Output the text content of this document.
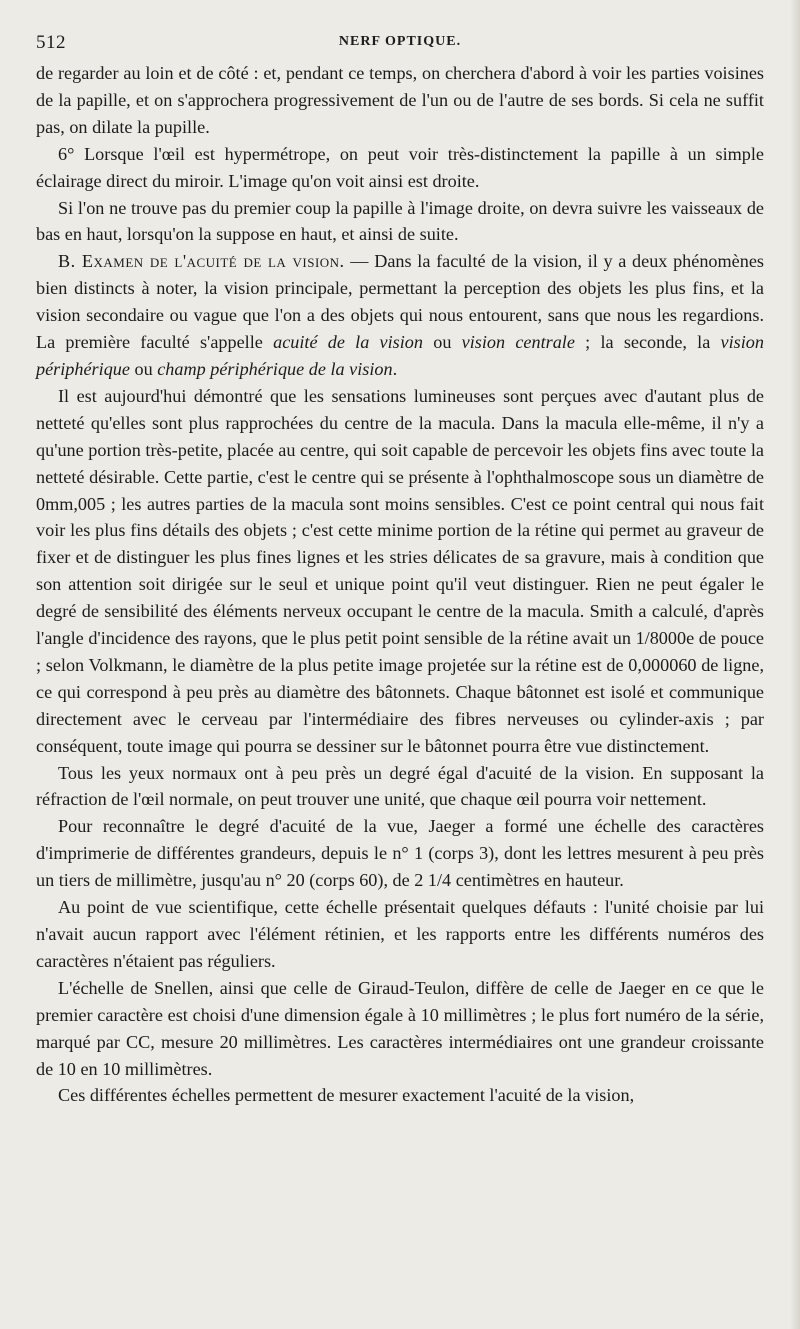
512	NERF OPTIQUE.

de regarder au loin et de côté : et, pendant ce temps, on cherchera d'abord à voir les parties voisines de la papille, et on s'approchera progressivement de l'un ou de l'autre de ses bords. Si cela ne suffit pas, on dilate la pupille.

6° Lorsque l'œil est hypermétrope, on peut voir très-distinctement la papille à un simple éclairage direct du miroir. L'image qu'on voit ainsi est droite.

Si l'on ne trouve pas du premier coup la papille à l'image droite, on devra suivre les vaisseaux de bas en haut, lorsqu'on la suppose en haut, et ainsi de suite.

B. Examen de l'acuité de la vision. — Dans la faculté de la vision, il y a deux phénomènes bien distincts à noter, la vision principale, permettant la perception des objets les plus fins, et la vision secondaire ou vague que l'on a des objets qui nous entourent, sans que nous les regardions. La première faculté s'appelle acuité de la vision ou vision centrale ; la seconde, la vision périphérique ou champ périphérique de la vision.

Il est aujourd'hui démontré que les sensations lumineuses sont perçues avec d'autant plus de netteté qu'elles sont plus rapprochées du centre de la macula. Dans la macula elle-même, il n'y a qu'une portion très-petite, placée au centre, qui soit capable de percevoir les objets fins avec toute la netteté désirable. Cette partie, c'est le centre qui se présente à l'ophthalmoscope sous un diamètre de 0mm,005 ; les autres parties de la macula sont moins sensibles. C'est ce point central qui nous fait voir les plus fins détails des objets ; c'est cette minime portion de la rétine qui permet au graveur de fixer et de distinguer les plus fines lignes et les stries délicates de sa gravure, mais à condition que son attention soit dirigée sur le seul et unique point qu'il veut distinguer. Rien ne peut égaler le degré de sensibilité des éléments nerveux occupant le centre de la macula. Smith a calculé, d'après l'angle d'incidence des rayons, que le plus petit point sensible de la rétine avait un 1/8000e de pouce ; selon Volkmann, le diamètre de la plus petite image projetée sur la rétine est de 0,000060 de ligne, ce qui correspond à peu près au diamètre des bâtonnets. Chaque bâtonnet est isolé et communique directement avec le cerveau par l'intermédiaire des fibres nerveuses ou cylinder-axis ; par conséquent, toute image qui pourra se dessiner sur le bâtonnet pourra être vue distinctement.

Tous les yeux normaux ont à peu près un degré égal d'acuité de la vision. En supposant la réfraction de l'œil normale, on peut trouver une unité, que chaque œil pourra voir nettement.

Pour reconnaître le degré d'acuité de la vue, Jaeger a formé une échelle des caractères d'imprimerie de différentes grandeurs, depuis le n° 1 (corps 3), dont les lettres mesurent à peu près un tiers de millimètre, jusqu'au n° 20 (corps 60), de 2 1/4 centimètres en hauteur.

Au point de vue scientifique, cette échelle présentait quelques défauts : l'unité choisie par lui n'avait aucun rapport avec l'élément rétinien, et les rapports entre les différents numéros des caractères n'étaient pas réguliers.

L'échelle de Snellen, ainsi que celle de Giraud-Teulon, diffère de celle de Jaeger en ce que le premier caractère est choisi d'une dimension égale à 10 millimètres ; le plus fort numéro de la série, marqué par CC, mesure 20 millimètres. Les caractères intermédiaires ont une grandeur croissante de 10 en 10 millimètres.

Ces différentes échelles permettent de mesurer exactement l'acuité de la vision,
